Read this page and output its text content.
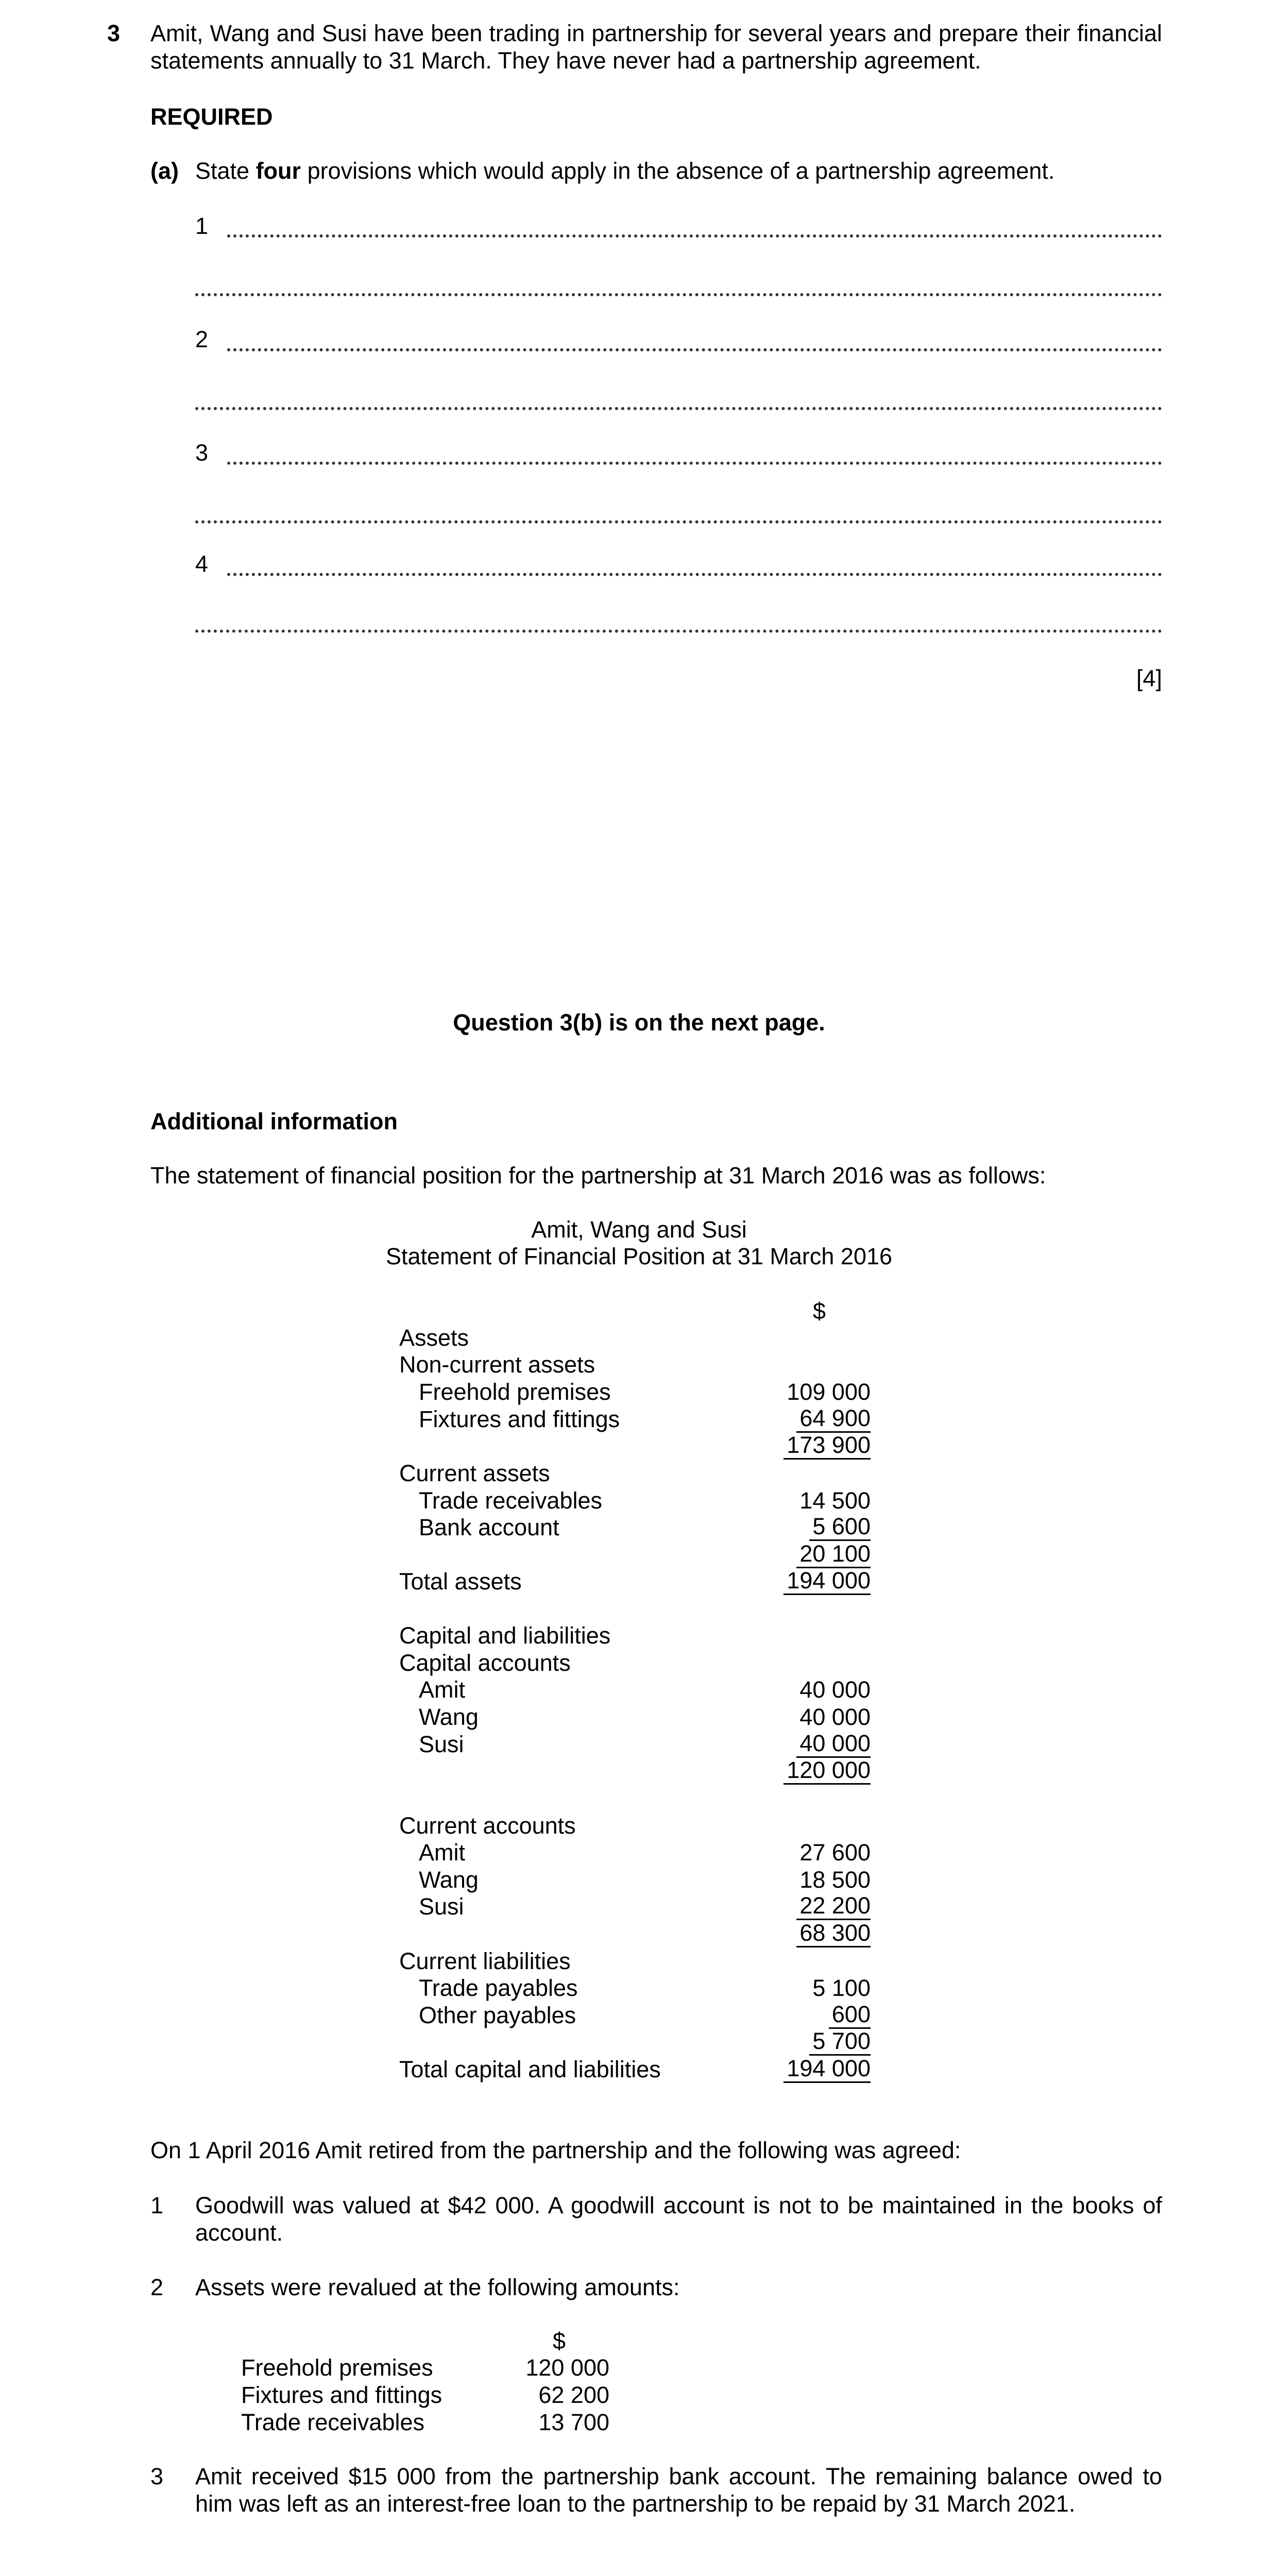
3 Amit, Wang and Susi have been trading in partnership for several years and prepare their financial statements annually to 31 March. They have never had a partnership agreement.
REQUIRED
(a) State four provisions which would apply in the absence of a partnership agreement.
1
2
3
4
[4]
Question 3(b) is on the next page.
Additional information
The statement of financial position for the partnership at 31 March 2016 was as follows:
Amit, Wang and Susi
Statement of Financial Position at 31 March 2016
$
Assets
Non-current assets
Freehold premises	109 000
Fixtures and fittings	64 900
173 900
Current assets
Trade receivables	14 500
Bank account	5 600
20 100
Total assets	194 000
Capital and liabilities
Capital accounts
Amit	40 000
Wang	40 000
Susi	40 000
120 000
Current accounts
Amit	27 600
Wang	18 500
Susi	22 200
68 300
Current liabilities
Trade payables	5 100
Other payables	600
5 700
Total capital and liabilities	194 000
On 1 April 2016 Amit retired from the partnership and the following was agreed:
1 Goodwill was valued at $42 000. A goodwill account is not to be maintained in the books of account.
2 Assets were revalued at the following amounts:
$
Freehold premises	120 000
Fixtures and fittings	62 200
Trade receivables	13 700
3 Amit received $15 000 from the partnership bank account. The remaining balance owed to him was left as an interest-free loan to the partnership to be repaid by 31 March 2021.
